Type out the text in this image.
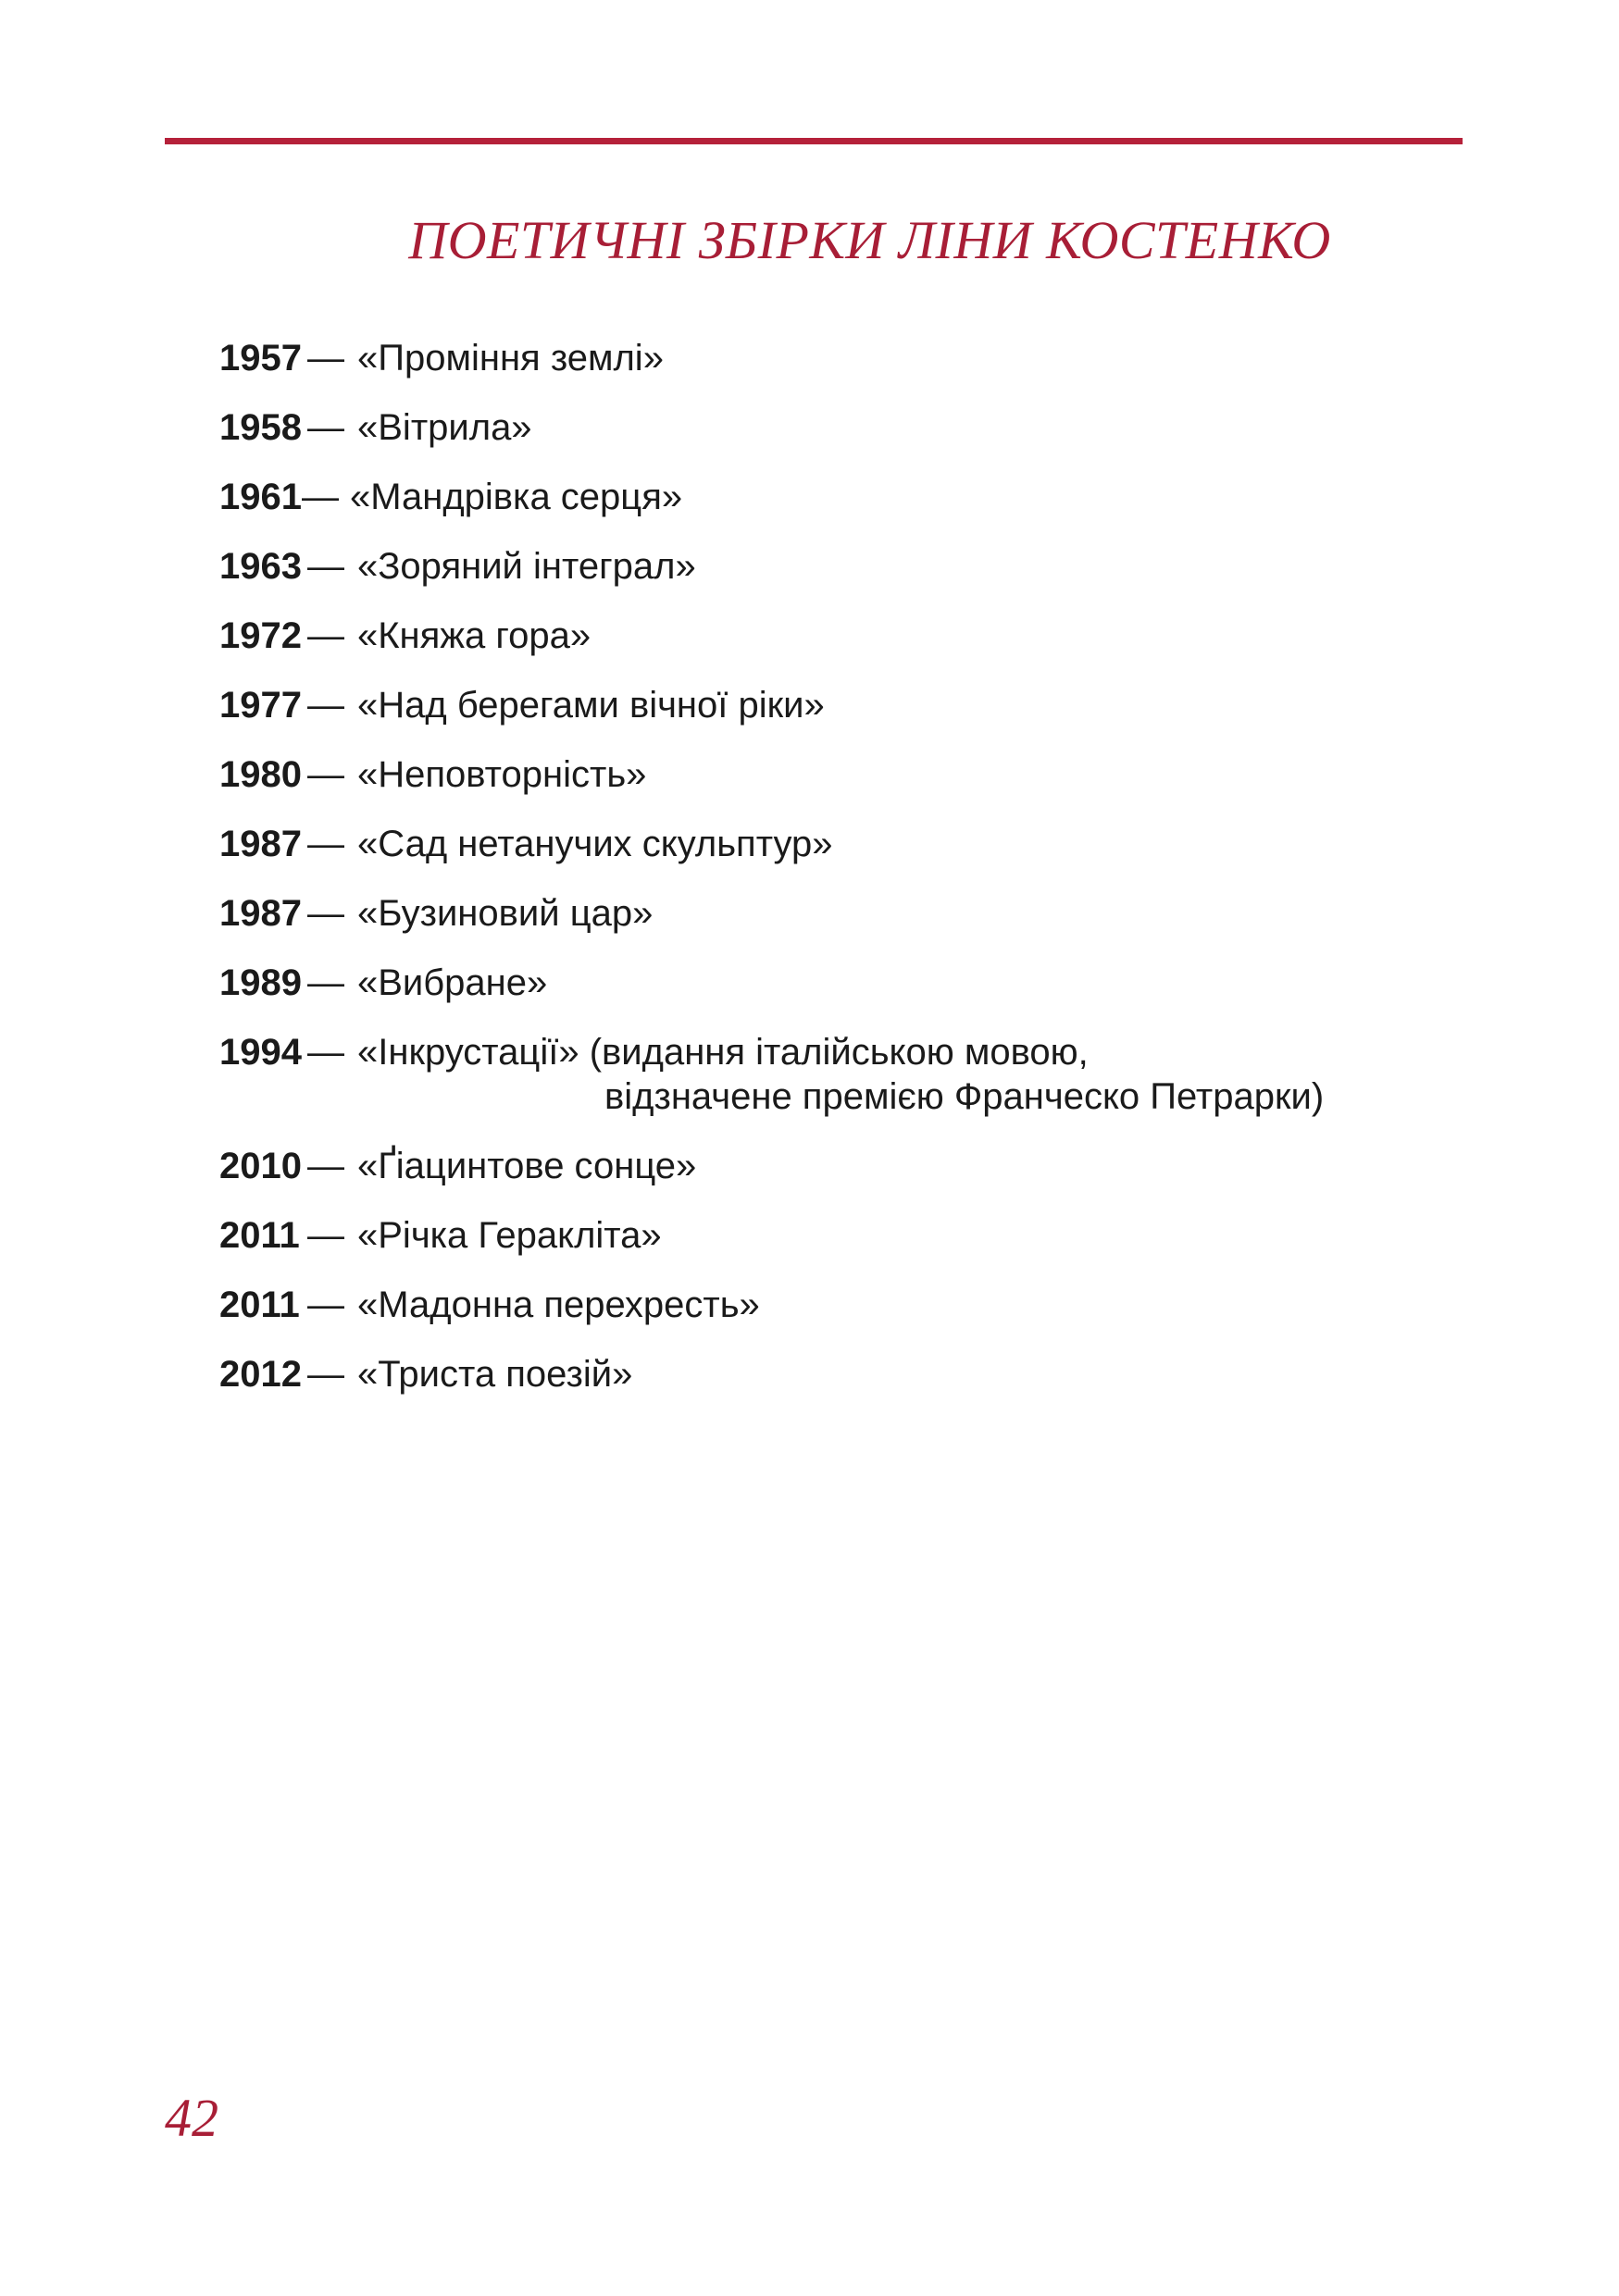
ПОЕТИЧНІ ЗБІРКИ ЛІНИ КОСТЕНКО
1957 — «Проміння землі»
1958 — «Вітрила»
1961 — «Мандрівка серця»
1963 — «Зоряний інтеграл»
1972 — «Княжа гора»
1977 — «Над берегами вічної ріки»
1980 — «Неповторність»
1987 — «Сад нетанучих скульптур»
1987 — «Бузиновий цар»
1989 — «Вибране»
1994 — «Інкрустації» (видання італійською мовою,
відзначене премією Франческо Петрарки)
2010 — «Ґіацинтове сонце»
2011 — «Річка Геракліта»
2011 — «Мадонна перехресть»
2012 — «Триста поезій»
42
